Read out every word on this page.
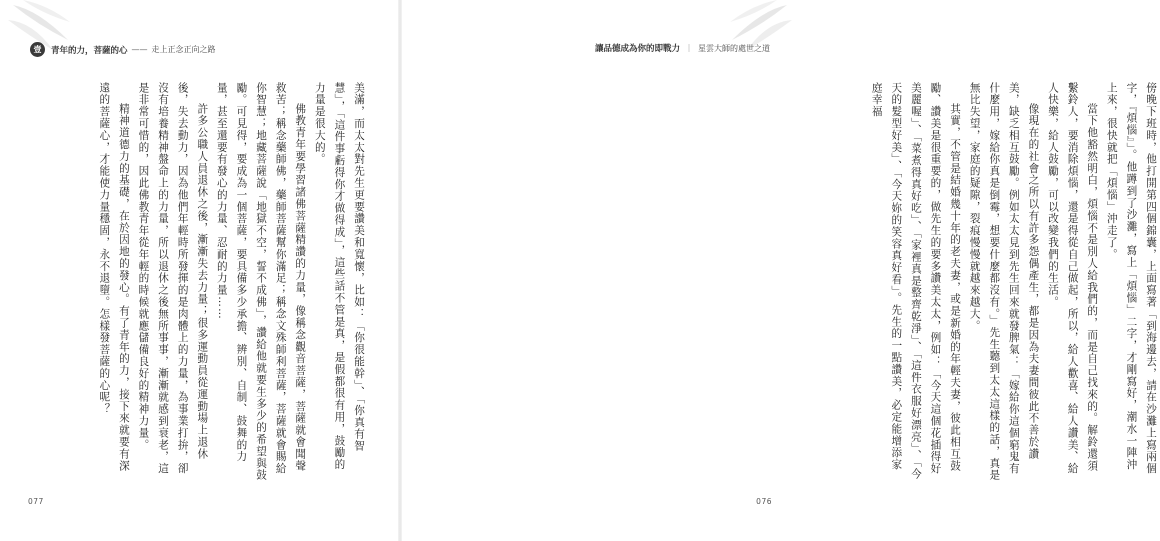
壹	青年的力，菩薩的心 —— 走上正念正向之路

美滿，而太太對先生更要讚美和寬懷，比如：「你很能幹」、「你真有智慧」，「這件事虧得你才做得成」，這些話不管是真，是假都很有用，鼓勵的力量是很大的。

佛教青年要學習諸佛菩薩精讚的力量，像稱念觀音菩薩，菩薩就會聞聲救苦；稱念藥師佛，藥師菩薩幫你滿足；稱念文殊師利菩薩，菩薩就會賜給你智慧；地藏菩薩說「地獄不空，誓不成佛」，讚給他就要生多少的希望與鼓勵。可見得，要成為一個菩薩，要具備多少承擔、辨別、自制、鼓舞的力量，甚至還要有發心的力量、忍耐的力量……

許多公職人員退休之後，漸漸失去力量；很多運動員從運動場上退休後，失去動力，因為他們年輕時所發揮的是肉體上的力量，為事業打拚，卻沒有培養精神盤命上的力量，所以退休之後無所事事，漸漸就感到衰老，這是非常可惜的，因此佛教青年從年輕的時候就應儲備良好的精神力量。

精神道德力的基礎，在於因地的發心。有了青年的力，接下來就要有深遠的菩薩心，才能使力量穩固，永不退墮。怎樣發菩薩的心呢？

077
讓品德成為你的即戰力 ｜ 星雲大師的處世之道

傍晚下班時，他打開第四個錦囊，上面寫著「到海邊去，請在沙灘上寫兩個字，『煩惱』」。他蹲到了沙灘，寫上「煩惱」二字，才剛寫好，潮水一陣沖上來，很快就把「煩惱」沖走了。

當下他豁然明白，煩惱不是別人給我們的，而是自己找來的。解鈴還須繫鈴人，要消除煩惱，還是得從自己做起，所以，給人歡喜、給人讚美、給人快樂，給人鼓勵，可以改變我們的生活。

像現在的社會之所以有許多怨偶產生，都是因為夫妻間彼此不善於讚美，缺乏相互鼓勵。例如太太見到先生回來就發脾氣：「嫁給你這個窮鬼有什麼用，嫁給你真是倒霉，想要什麼都沒有。」先生聽到太太這樣的話，真是無比失望，家庭的疑隙，裂痕慢慢就越來越大。

其實，不管是結婚幾十年的老夫妻，或是新婚的年輕夫妻，彼此相互鼓勵、讚美是很重要的，做先生的要多讚美太太，例如：「今天這個花插得好美麗喔」、「菜煮得真好吃」、「家裡真是整齊乾淨」、「這件衣服好漂亮」、「今天的髮型好美」、「今天妳的笑容真好看」。先生的一點讚美，必定能增添家庭幸福

076
